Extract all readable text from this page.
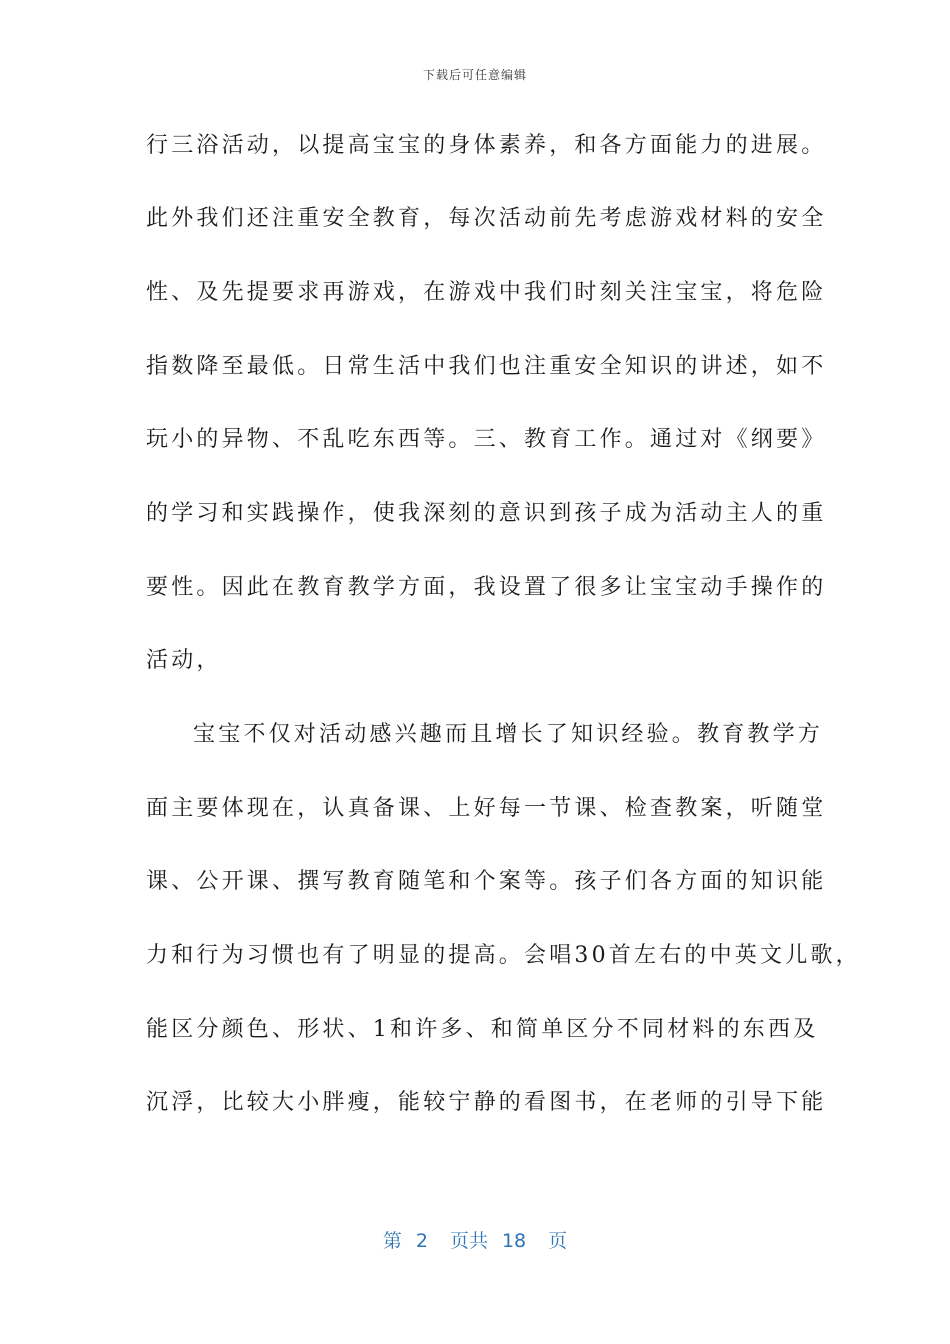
下载后可任意编辑
行三浴活动，以提高宝宝的身体素养，和各方面能力的进展。
此外我们还注重安全教育，每次活动前先考虑游戏材料的安全
性、及先提要求再游戏，在游戏中我们时刻关注宝宝，将危险
指数降至最低。日常生活中我们也注重安全知识的讲述，如不
玩小的异物、不乱吃东西等。三、教育工作。通过对《纲要》
的学习和实践操作，使我深刻的意识到孩子成为活动主人的重
要性。因此在教育教学方面，我设置了很多让宝宝动手操作的
活动，
宝宝不仅对活动感兴趣而且增长了知识经验。教育教学方
面主要体现在，认真备课、上好每一节课、检查教案，听随堂
课、公开课、撰写教育随笔和个案等。孩子们各方面的知识能
力和行为习惯也有了明显的提高。会唱30首左右的中英文儿歌，
能区分颜色、形状、1和许多、和简单区分不同材料的东西及
沉浮，比较大小胖瘦，能较宁静的看图书，在老师的引导下能
第 2 页共 18 页
